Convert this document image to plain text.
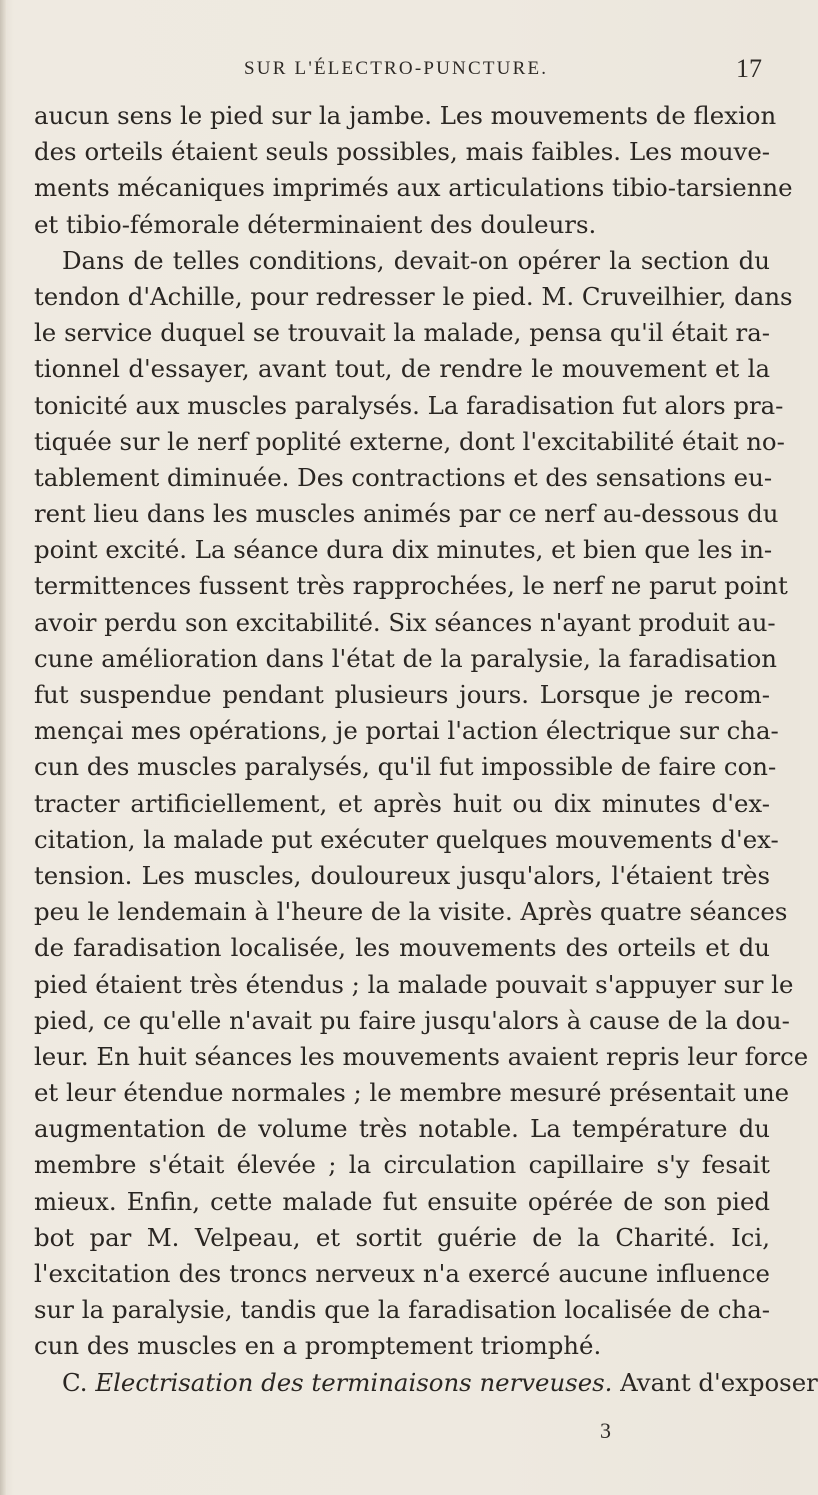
SUR L'ÉLECTRO-PUNCTURE.	17
aucun sens le pied sur la jambe. Les mouvements de flexion
des orteils étaient seuls possibles, mais faibles. Les mouve-
ments mécaniques imprimés aux articulations tibio-tarsienne
et tibio-fémorale déterminaient des douleurs.
Dans de telles conditions, devait-on opérer la section du
tendon d'Achille, pour redresser le pied. M. Cruveilhier, dans
le service duquel se trouvait la malade, pensa qu'il était ra-
tionnel d'essayer, avant tout, de rendre le mouvement et la
tonicité aux muscles paralysés. La faradisation fut alors pra-
tiquée sur le nerf poplité externe, dont l'excitabilité était no-
tablement diminuée. Des contractions et des sensations eu-
rent lieu dans les muscles animés par ce nerf au-dessous du
point excité. La séance dura dix minutes, et bien que les in-
termittences fussent très rapprochées, le nerf ne parut point
avoir perdu son excitabilité. Six séances n'ayant produit au-
cune amélioration dans l'état de la paralysie, la faradisation
fut suspendue pendant plusieurs jours. Lorsque je recom-
mençai mes opérations, je portai l'action électrique sur cha-
cun des muscles paralysés, qu'il fut impossible de faire con-
tracter artificiellement, et après huit ou dix minutes d'ex-
citation, la malade put exécuter quelques mouvements d'ex-
tension. Les muscles, douloureux jusqu'alors, l'étaient très
peu le lendemain à l'heure de la visite. Après quatre séances
de faradisation localisée, les mouvements des orteils et du
pied étaient très étendus ; la malade pouvait s'appuyer sur le
pied, ce qu'elle n'avait pu faire jusqu'alors à cause de la dou-
leur. En huit séances les mouvements avaient repris leur force
et leur étendue normales ; le membre mesuré présentait une
augmentation de volume très notable. La température du
membre s'était élevée ; la circulation capillaire s'y fesait
mieux. Enfin, cette malade fut ensuite opérée de son pied
bot par M. Velpeau, et sortit guérie de la Charité. Ici,
l'excitation des troncs nerveux n'a exercé aucune influence
sur la paralysie, tandis que la faradisation localisée de cha-
cun des muscles en a promptement triomphé.
C. Electrisation des terminaisons nerveuses. Avant d'exposer
3
